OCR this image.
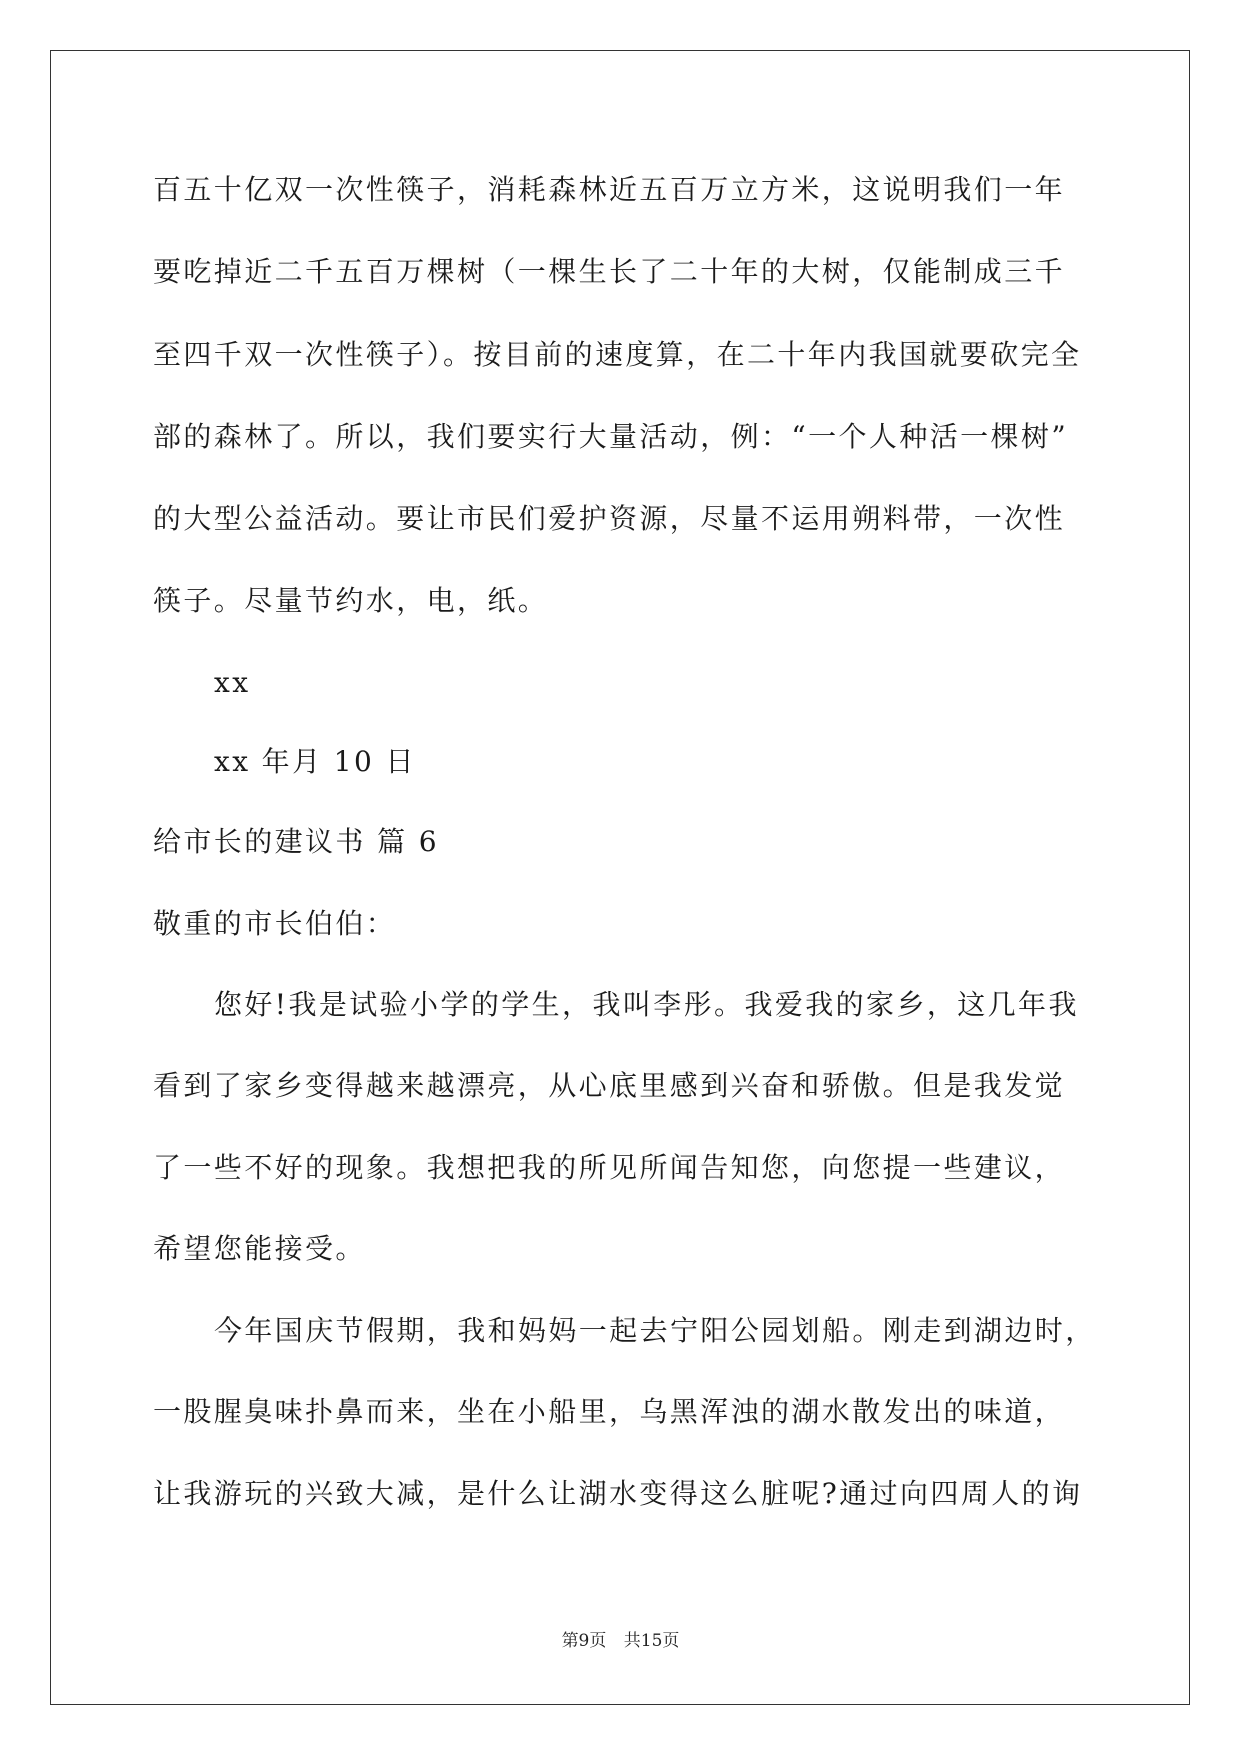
百五十亿双一次性筷子，消耗森林近五百万立方米，这说明我们一年
要吃掉近二千五百万棵树（一棵生长了二十年的大树，仅能制成三千
至四千双一次性筷子）。按目前的速度算，在二十年内我国就要砍完全
部的森林了。所以，我们要实行大量活动，例：“一个人种活一棵树”
的大型公益活动。要让市民们爱护资源，尽量不运用朔料带，一次性
筷子。尽量节约水，电，纸。
xx
xx 年月 10 日
给市长的建议书 篇 6
敬重的市长伯伯：
您好!我是试验小学的学生，我叫李彤。我爱我的家乡，这几年我
看到了家乡变得越来越漂亮，从心底里感到兴奋和骄傲。但是我发觉
了一些不好的现象。我想把我的所见所闻告知您，向您提一些建议，
希望您能接受。
今年国庆节假期，我和妈妈一起去宁阳公园划船。刚走到湖边时，
一股腥臭味扑鼻而来，坐在小船里，乌黑浑浊的湖水散发出的味道，
让我游玩的兴致大减，是什么让湖水变得这么脏呢?通过向四周人的询
第9页 共15页
